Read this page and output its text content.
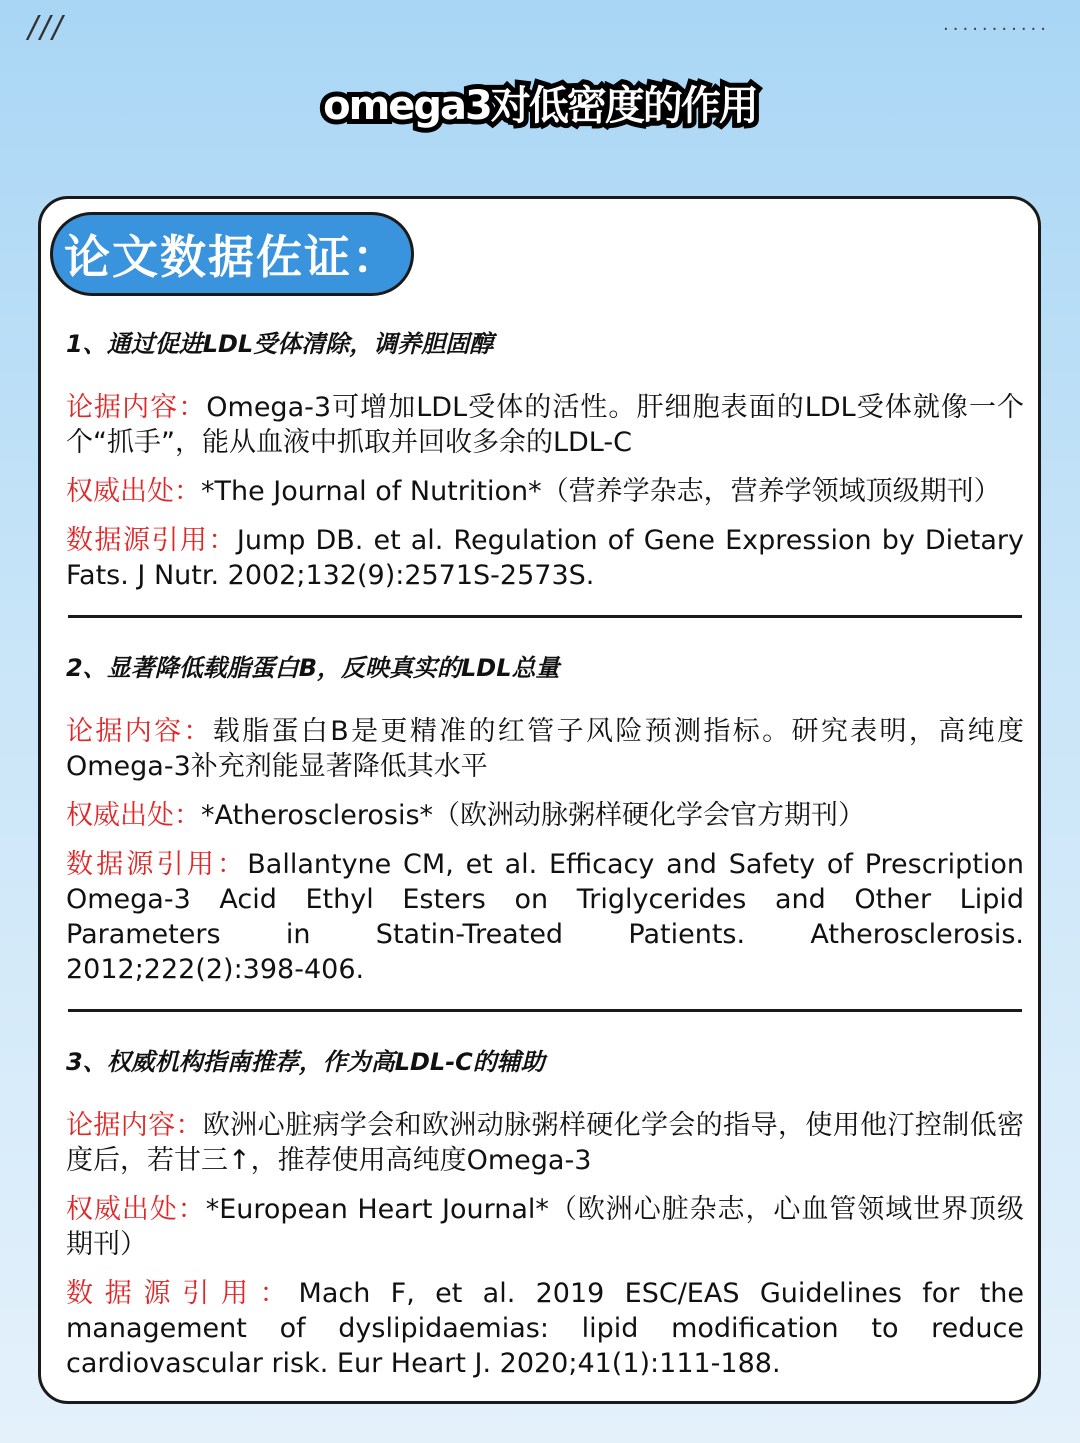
///	...........
omega3对低密度的作用
论文数据佐证：
1、通过促进LDL受体清除，调养胆固醇

论据内容：Omega-3可增加LDL受体的活性。肝细胞表面的LDL受体就像一个个“抓手”，能从血液中抓取并回收多余的LDL-C

权威出处：*The Journal of Nutrition*（营养学杂志，营养学领域顶级期刊）

数据源引用：Jump DB. et al. Regulation of Gene Expression by Dietary Fats. J Nutr. 2002;132(9):2571S-2573S.

2、显著降低载脂蛋白B，反映真实的LDL总量

论据内容：载脂蛋白B是更精准的红管子风险预测指标。研究表明，高纯度Omega-3补充剂能显著降低其水平

权威出处：*Atherosclerosis*（欧洲动脉粥样硬化学会官方期刊）

数据源引用：Ballantyne CM, et al. Efficacy and Safety of Prescription Omega-3 Acid Ethyl Esters on Triglycerides and Other Lipid Parameters in Statin-Treated Patients. Atherosclerosis. 2012;222(2):398-406.

3、权威机构指南推荐，作为高LDL-C的辅助

论据内容：欧洲心脏病学会和欧洲动脉粥样硬化学会的指导，使用他汀控制低密度后，若甘三↑，推荐使用高纯度Omega-3

权威出处：*European Heart Journal*（欧洲心脏杂志，心血管领域世界顶级期刊）

数据源引用：Mach F, et al. 2019 ESC/EAS Guidelines for the management of dyslipidaemias: lipid modification to reduce cardiovascular risk. Eur Heart J. 2020;41(1):111-188.
